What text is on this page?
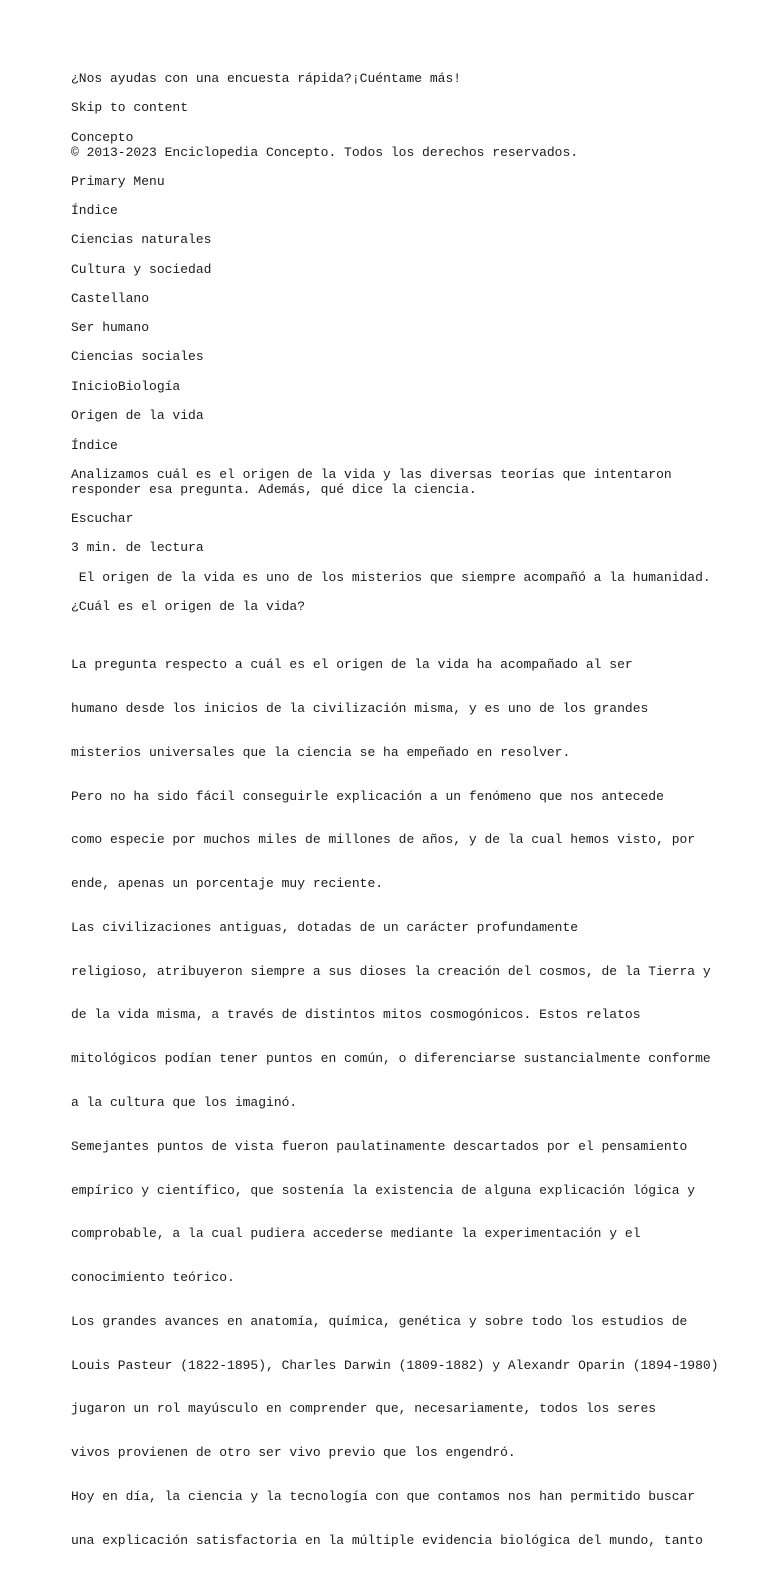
¿Nos ayudas con una encuesta rápida?¡Cuéntame más!

Skip to content

Concepto

© 2013-2023 Enciclopedia Concepto. Todos los derechos reservados.

Primary Menu

Índice

Ciencias naturales

Cultura y sociedad

Castellano

Ser humano

Ciencias sociales

InicioBiología

Origen de la vida

Índice

Analizamos cuál es el origen de la vida y las diversas teorías que intentaron
responder esa pregunta. Además, qué dice la ciencia.

Escuchar

3 min. de lectura

El origen de la vida es uno de los misterios que siempre acompañó a la humanidad.

¿Cuál es el origen de la vida?

La pregunta respecto a cuál es el origen de la vida ha acompañado al ser

humano desde los inicios de la civilización misma, y es uno de los grandes

misterios universales que la ciencia se ha empeñado en resolver.

Pero no ha sido fácil conseguirle explicación a un fenómeno que nos antecede

como especie por muchos miles de millones de años, y de la cual hemos visto, por

ende, apenas un porcentaje muy reciente.

Las civilizaciones antiguas, dotadas de un carácter profundamente

religioso, atribuyeron siempre a sus dioses la creación del cosmos, de la Tierra y

de la vida misma, a través de distintos mitos cosmogónicos. Estos relatos

mitológicos podían tener puntos en común, o diferenciarse sustancialmente conforme

a la cultura que los imaginó.

Semejantes puntos de vista fueron paulatinamente descartados por el pensamiento

empírico y científico, que sostenía la existencia de alguna explicación lógica y

comprobable, a la cual pudiera accederse mediante la experimentación y el

conocimiento teórico.

Los grandes avances en anatomía, química, genética y sobre todo los estudios de

Louis Pasteur (1822-1895), Charles Darwin (1809-1882) y Alexandr Oparin (1894-1980)

jugaron un rol mayúsculo en comprender que, necesariamente, todos los seres

vivos provienen de otro ser vivo previo que los engendró.

Hoy en día, la ciencia y la tecnología con que contamos nos han permitido buscar

una explicación satisfactoria en la múltiple evidencia biológica del mundo, tanto
